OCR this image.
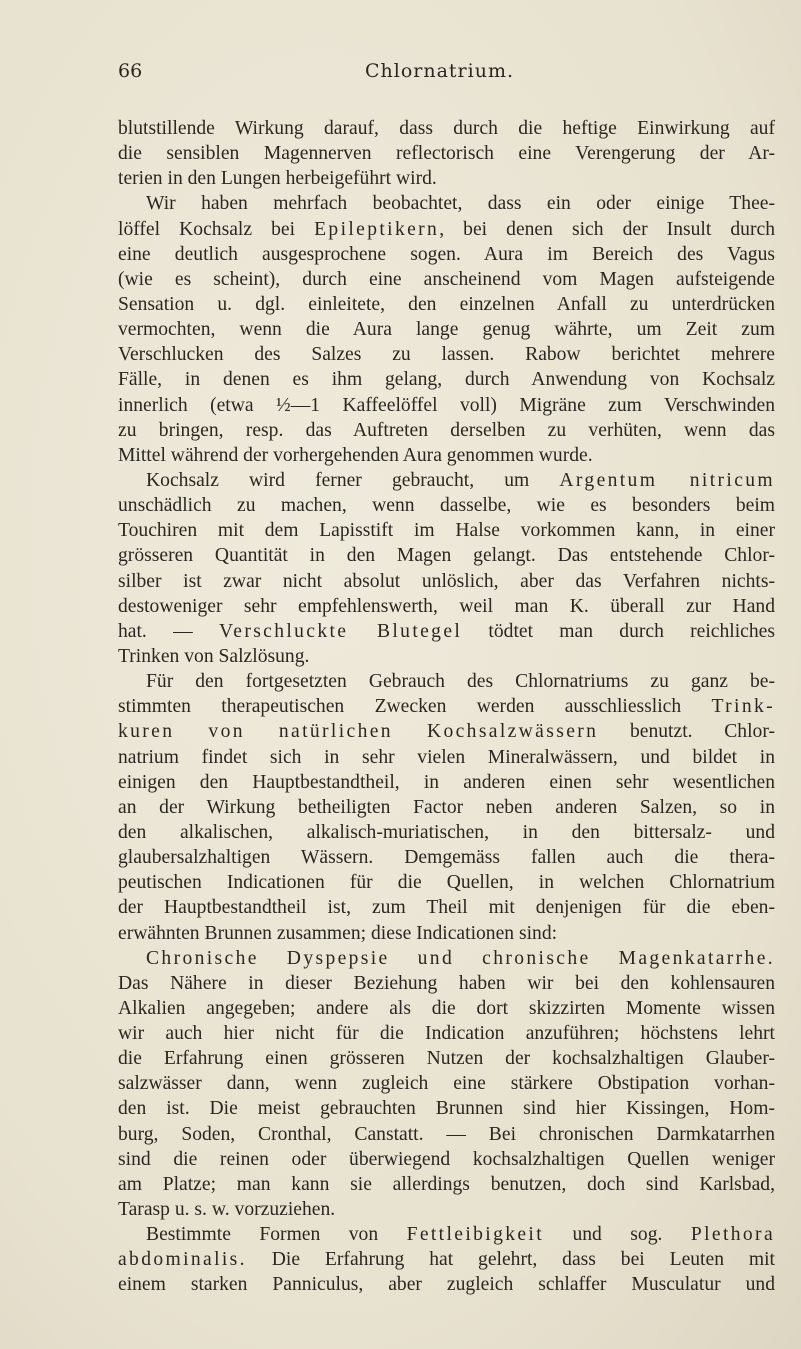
66	Chlornatrium.
blutstillende Wirkung darauf, dass durch die heftige Einwirkung auf
die sensiblen Magennerven reflectorisch eine Verengerung der Ar-
terien in den Lungen herbeigeführt wird.
Wir haben mehrfach beobachtet, dass ein oder einige Thee-
löffel Kochsalz bei Epileptikern, bei denen sich der Insult durch
eine deutlich ausgesprochene sogen. Aura im Bereich des Vagus
(wie es scheint), durch eine anscheinend vom Magen aufsteigende
Sensation u. dgl. einleitete, den einzelnen Anfall zu unterdrücken
vermochten, wenn die Aura lange genug währte, um Zeit zum
Verschlucken des Salzes zu lassen. Rabow berichtet mehrere
Fälle, in denen es ihm gelang, durch Anwendung von Kochsalz
innerlich (etwa ½—1 Kaffeelöffel voll) Migräne zum Verschwinden
zu bringen, resp. das Auftreten derselben zu verhüten, wenn das
Mittel während der vorhergehenden Aura genommen wurde.
Kochsalz wird ferner gebraucht, um Argentum nitricum
unschädlich zu machen, wenn dasselbe, wie es besonders beim
Touchiren mit dem Lapisstift im Halse vorkommen kann, in einer
grösseren Quantität in den Magen gelangt. Das entstehende Chlor-
silber ist zwar nicht absolut unlöslich, aber das Verfahren nichts-
destoweniger sehr empfehlenswerth, weil man K. überall zur Hand
hat. — Verschluckte Blutegel tödtet man durch reichliches
Trinken von Salzlösung.
Für den fortgesetzten Gebrauch des Chlornatriums zu ganz be-
stimmten therapeutischen Zwecken werden ausschliesslich Trink-
kuren von natürlichen Kochsalzwässern benutzt. Chlor-
natrium findet sich in sehr vielen Mineralwässern, und bildet in
einigen den Hauptbestandtheil, in anderen einen sehr wesentlichen
an der Wirkung betheiligten Factor neben anderen Salzen, so in
den alkalischen, alkalisch-muriatischen, in den bittersalz- und
glaubersalzhaltigen Wässern. Demgemäss fallen auch die thera-
peutischen Indicationen für die Quellen, in welchen Chlornatrium
der Hauptbestandtheil ist, zum Theil mit denjenigen für die eben-
erwähnten Brunnen zusammen; diese Indicationen sind:
Chronische Dyspepsie und chronische Magenkatarrhe.
Das Nähere in dieser Beziehung haben wir bei den kohlensauren
Alkalien angegeben; andere als die dort skizzirten Momente wissen
wir auch hier nicht für die Indication anzuführen; höchstens lehrt
die Erfahrung einen grösseren Nutzen der kochsalzhaltigen Glauber-
salzwässer dann, wenn zugleich eine stärkere Obstipation vorhan-
den ist. Die meist gebrauchten Brunnen sind hier Kissingen, Hom-
burg, Soden, Cronthal, Canstatt. — Bei chronischen Darmkatarrhen
sind die reinen oder überwiegend kochsalzhaltigen Quellen weniger
am Platze; man kann sie allerdings benutzen, doch sind Karlsbad,
Tarasp u. s. w. vorzuziehen.
Bestimmte Formen von Fettleibigkeit und sog. Plethora
abdominalis. Die Erfahrung hat gelehrt, dass bei Leuten mit
einem starken Panniculus, aber zugleich schlaffer Musculatur und
